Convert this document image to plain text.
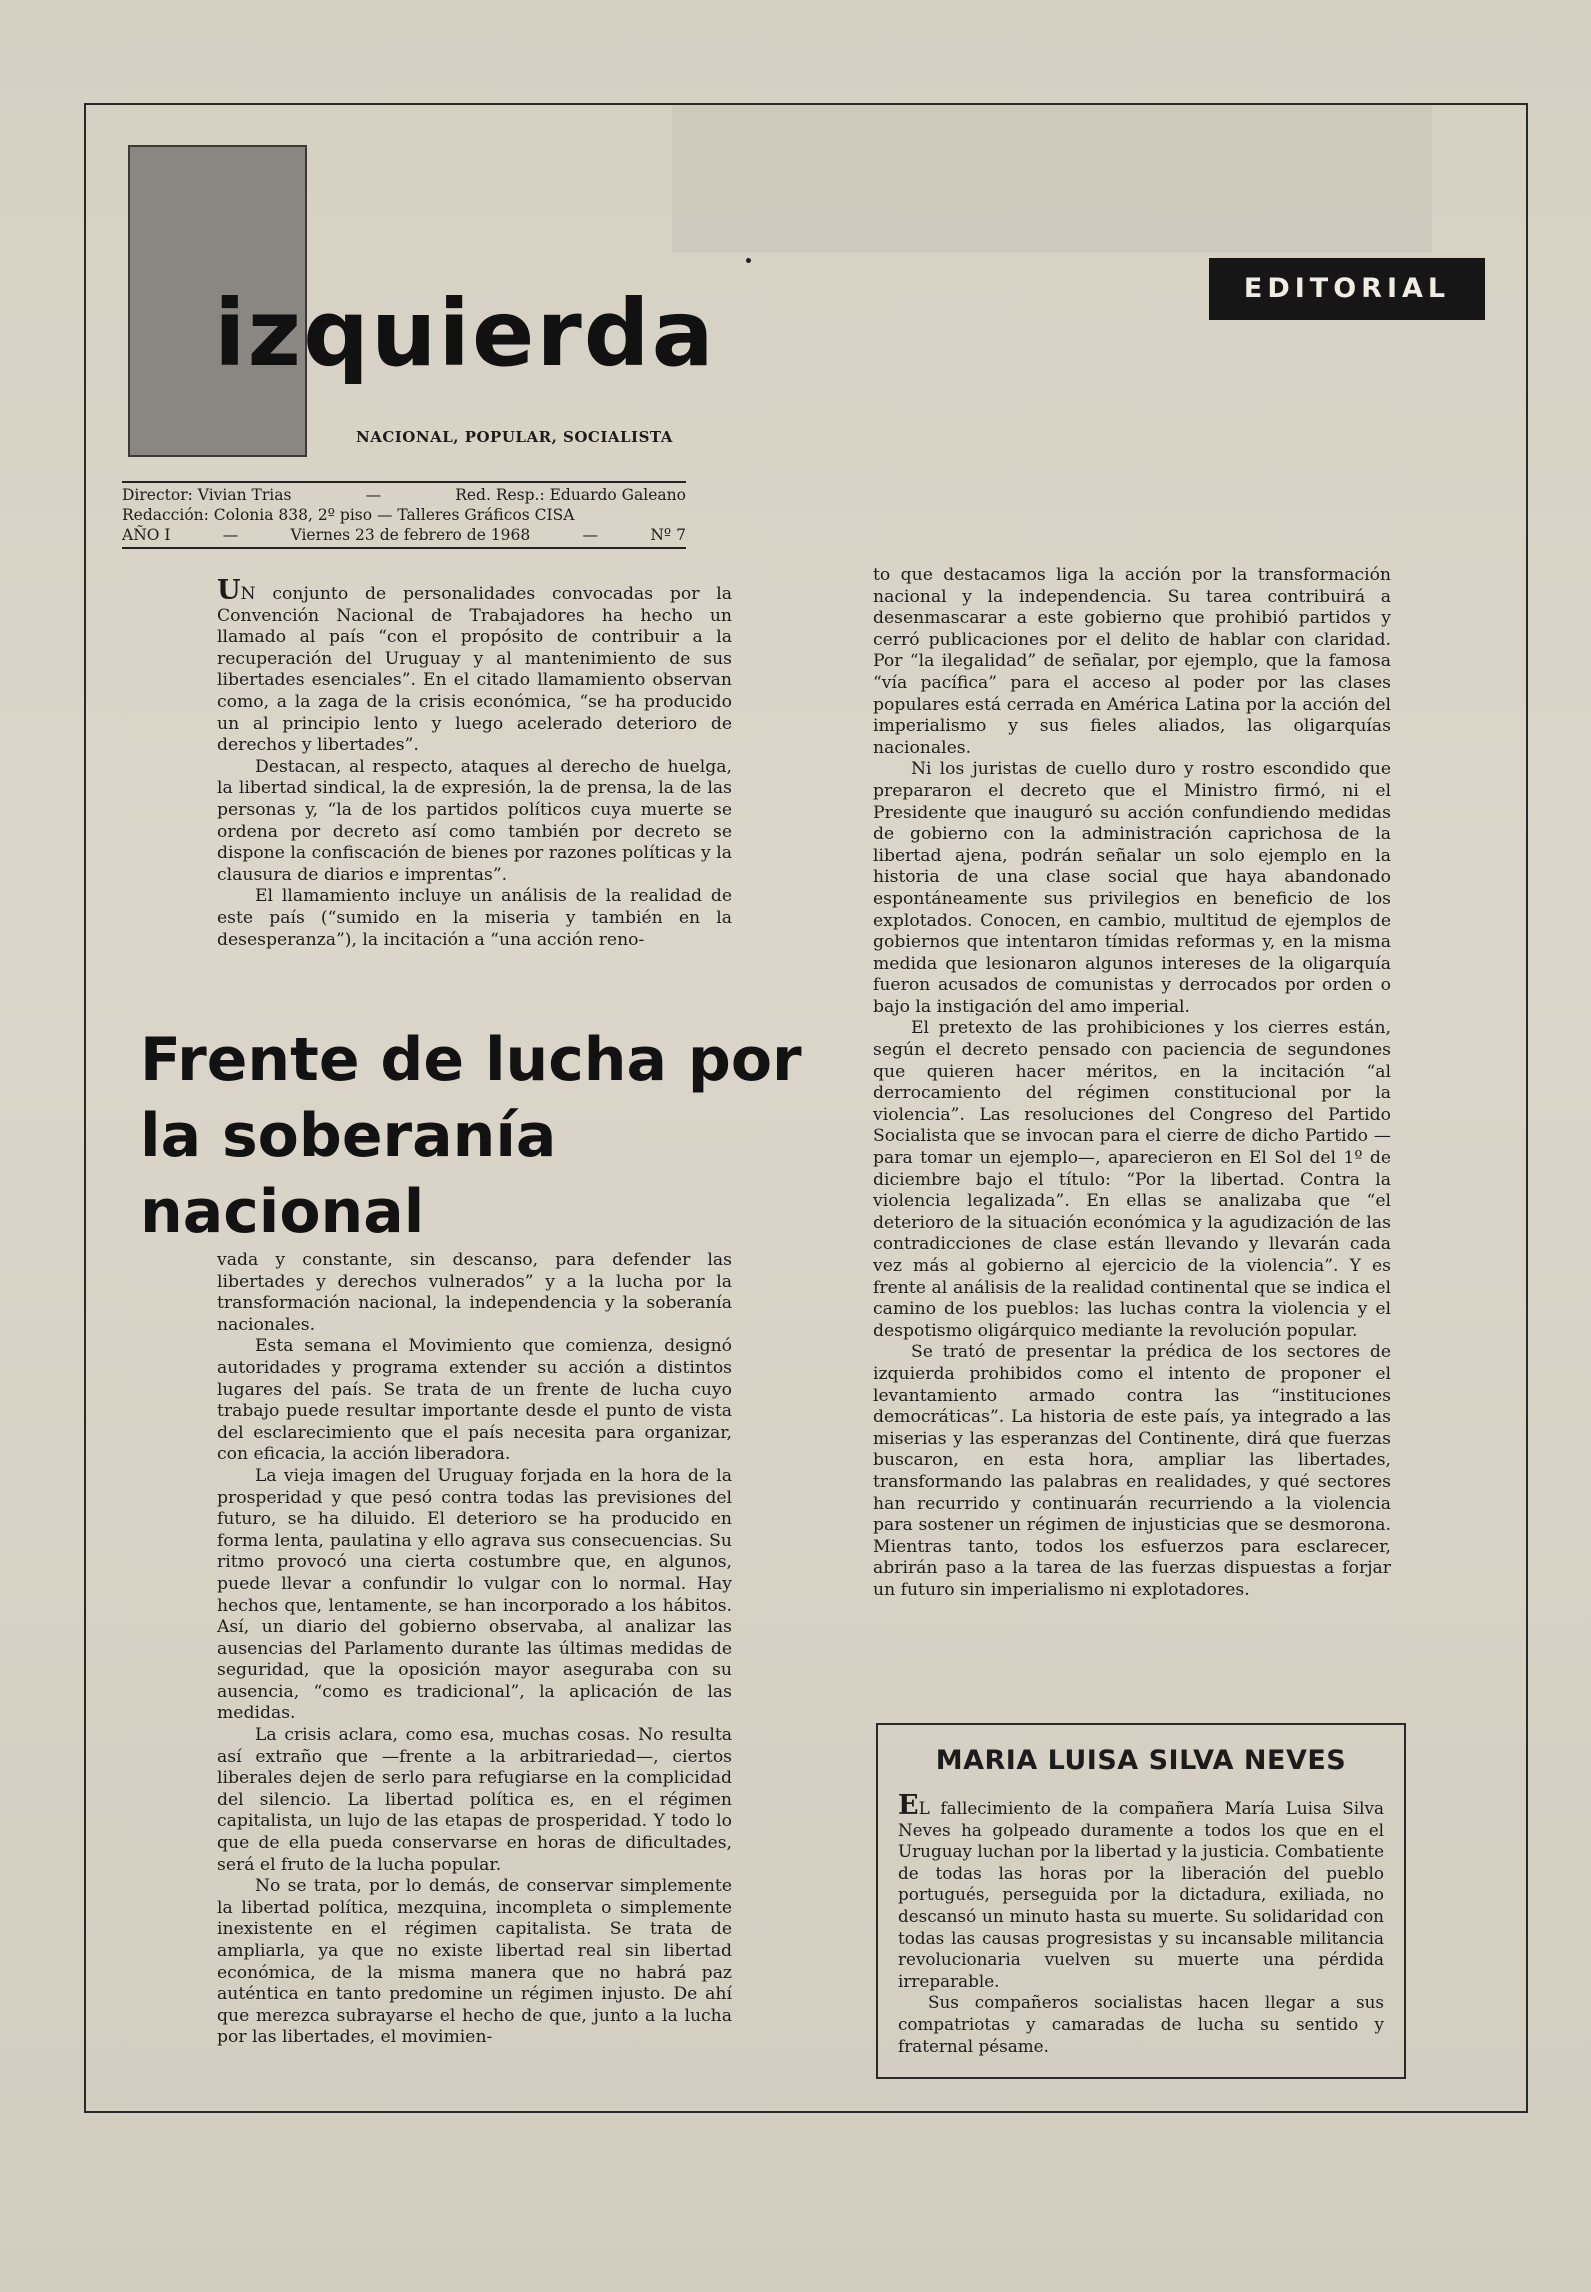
izquierda
NACIONAL, POPULAR, SOCIALISTA
Director: Vivian Trias	—	Red. Resp.: Eduardo Galeano
Redacción: Colonia 838, 2º piso — Talleres Gráficos CISA
AÑO I	—	Viernes 23 de febrero de 1968	—	Nº 7
EDITORIAL

UN conjunto de personalidades convocadas por la Convención Nacional de Trabajadores ha hecho un llamado al país “con el propósito de contribuir a la recuperación del Uruguay y al mantenimiento de sus libertades esenciales”. En el citado llamamiento observan como, a la zaga de la crisis económica, “se ha producido un al principio lento y luego acelerado deterioro de derechos y libertades”.

Destacan, al respecto, ataques al derecho de huelga, la libertad sindical, la de expresión, la de prensa, la de las personas y, “la de los partidos políticos cuya muerte se ordena por decreto así como también por decreto se dispone la confiscación de bienes por razones políticas y la clausura de diarios e imprentas”.

El llamamiento incluye un análisis de la realidad de este país (“sumido en la miseria y también en la desesperanza”), la incitación a “una acción reno-

Frente de lucha por la soberanía nacional

vada y constante, sin descanso, para defender las libertades y derechos vulnerados” y a la lucha por la transformación nacional, la independencia y la soberanía nacionales.

Esta semana el Movimiento que comienza, designó autoridades y programa extender su acción a distintos lugares del país. Se trata de un frente de lucha cuyo trabajo puede resultar importante desde el punto de vista del esclarecimiento que el país necesita para organizar, con eficacia, la acción liberadora.

La vieja imagen del Uruguay forjada en la hora de la prosperidad y que pesó contra todas las previsiones del futuro, se ha diluido. El deterioro se ha producido en forma lenta, paulatina y ello agrava sus consecuencias. Su ritmo provocó una cierta costumbre que, en algunos, puede llevar a confundir lo vulgar con lo normal. Hay hechos que, lentamente, se han incorporado a los hábitos. Así, un diario del gobierno observaba, al analizar las ausencias del Parlamento durante las últimas medidas de seguridad, que la oposición mayor aseguraba con su ausencia, “como es tradicional”, la aplicación de las medidas.

La crisis aclara, como esa, muchas cosas. No resulta así extraño que —frente a la arbitrariedad—, ciertos liberales dejen de serlo para refugiarse en la complicidad del silencio. La libertad política es, en el régimen capitalista, un lujo de las etapas de prosperidad. Y todo lo que de ella pueda conservarse en horas de dificultades, será el fruto de la lucha popular.

No se trata, por lo demás, de conservar simplemente la libertad política, mezquina, incompleta o simplemente inexistente en el régimen capitalista. Se trata de ampliarla, ya que no existe libertad real sin libertad económica, de la misma manera que no habrá paz auténtica en tanto predomine un régimen injusto. De ahí que merezca subrayarse el hecho de que, junto a la lucha por las libertades, el movimien-

to que destacamos liga la acción por la transformación nacional y la independencia. Su tarea contribuirá a desenmascarar a este gobierno que prohibió partidos y cerró publicaciones por el delito de hablar con claridad. Por “la ilegalidad” de señalar, por ejemplo, que la famosa “vía pacífica” para el acceso al poder por las clases populares está cerrada en América Latina por la acción del imperialismo y sus fieles aliados, las oligarquías nacionales.

Ni los juristas de cuello duro y rostro escondido que prepararon el decreto que el Ministro firmó, ni el Presidente que inauguró su acción confundiendo medidas de gobierno con la administración caprichosa de la libertad ajena, podrán señalar un solo ejemplo en la historia de una clase social que haya abandonado espontáneamente sus privilegios en beneficio de los explotados. Conocen, en cambio, multitud de ejemplos de gobiernos que intentaron tímidas reformas y, en la misma medida que lesionaron algunos intereses de la oligarquía fueron acusados de comunistas y derrocados por orden o bajo la instigación del amo imperial.

El pretexto de las prohibiciones y los cierres están, según el decreto pensado con paciencia de segundones que quieren hacer méritos, en la incitación “al derrocamiento del régimen constitucional por la violencia”. Las resoluciones del Congreso del Partido Socialista que se invocan para el cierre de dicho Partido —para tomar un ejemplo—, aparecieron en El Sol del 1º de diciembre bajo el título: “Por la libertad. Contra la violencia legalizada”. En ellas se analizaba que “el deterioro de la situación económica y la agudización de las contradicciones de clase están llevando y llevarán cada vez más al gobierno al ejercicio de la violencia”. Y es frente al análisis de la realidad continental que se indica el camino de los pueblos: las luchas contra la violencia y el despotismo oligárquico mediante la revolución popular.

Se trató de presentar la prédica de los sectores de izquierda prohibidos como el intento de proponer el levantamiento armado contra las “instituciones democráticas”. La historia de este país, ya integrado a las miserias y las esperanzas del Continente, dirá que fuerzas buscaron, en esta hora, ampliar las libertades, transformando las palabras en realidades, y qué sectores han recurrido y continuarán recurriendo a la violencia para sostener un régimen de injusticias que se desmorona. Mientras tanto, todos los esfuerzos para esclarecer, abrirán paso a la tarea de las fuerzas dispuestas a forjar un futuro sin imperialismo ni explotadores.

MARIA LUISA SILVA NEVES

EL fallecimiento de la compañera María Luisa Silva Neves ha golpeado duramente a todos los que en el Uruguay luchan por la libertad y la justicia. Combatiente de todas las horas por la liberación del pueblo portugués, perseguida por la dictadura, exiliada, no descansó un minuto hasta su muerte. Su solidaridad con todas las causas progresistas y su incansable militancia revolucionaria vuelven su muerte una pérdida irreparable.

Sus compañeros socialistas hacen llegar a sus compatriotas y camaradas de lucha su sentido y fraternal pésame.
